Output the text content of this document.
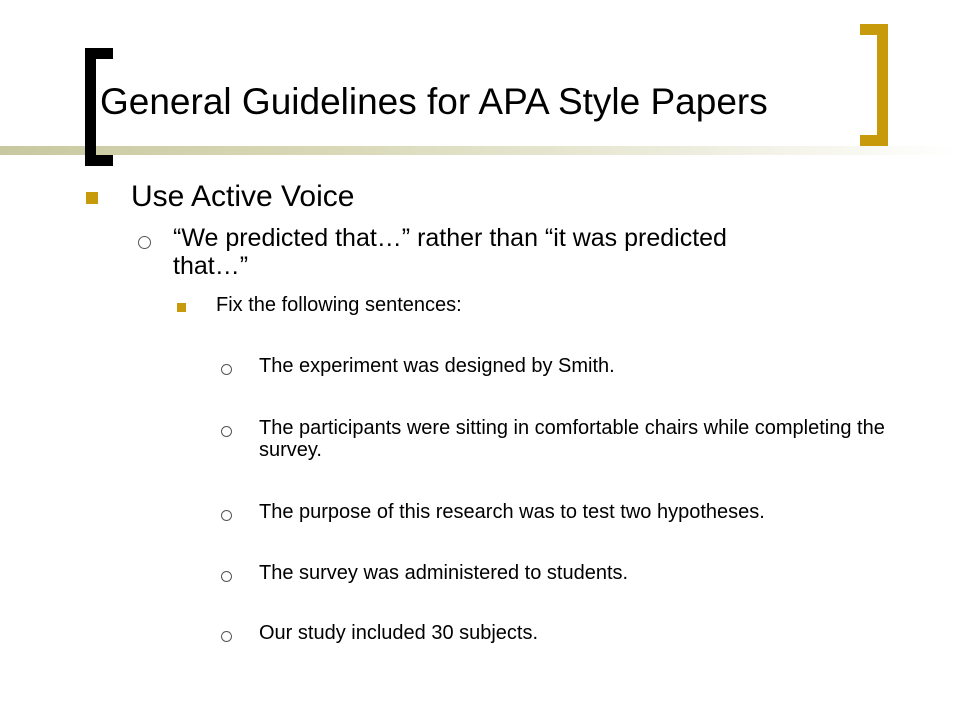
General Guidelines for APA Style Papers
Use Active Voice
“We predicted that…” rather than “it was predicted that…”
Fix the following sentences:
The experiment was designed by Smith.
The participants were sitting in comfortable chairs while completing the survey.
The purpose of this research was to test two hypotheses.
The survey was administered to students.
Our study included 30 subjects.
